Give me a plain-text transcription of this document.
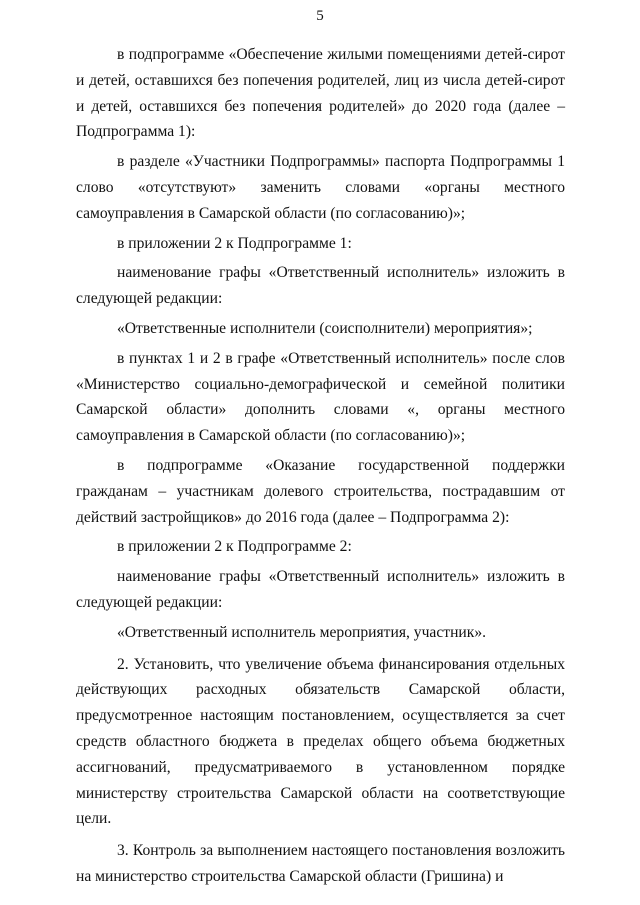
5

в подпрограмме «Обеспечение жилыми помещениями детей-сирот и детей, оставшихся без попечения родителей, лиц из числа детей-сирот и детей, оставшихся без попечения родителей» до 2020 года (далее – Подпрограмма 1):

в разделе «Участники Подпрограммы» паспорта Подпрограммы 1 слово «отсутствуют» заменить словами «органы местного самоуправления в Самарской области (по согласованию)»;

в приложении 2 к Подпрограмме 1:

наименование графы «Ответственный исполнитель» изложить в следующей редакции:

«Ответственные исполнители (соисполнители) мероприятия»;

в пунктах 1 и 2 в графе «Ответственный исполнитель» после слов «Министерство социально-демографической и семейной политики Самарской области» дополнить словами «, органы местного самоуправления в Самарской области (по согласованию)»;

в подпрограмме «Оказание государственной поддержки гражданам – участникам долевого строительства, пострадавшим от действий застройщиков» до 2016 года (далее – Подпрограмма 2):

в приложении 2 к Подпрограмме 2:

наименование графы «Ответственный исполнитель» изложить в следующей редакции:

«Ответственный исполнитель мероприятия, участник».

2. Установить, что увеличение объема финансирования отдельных действующих расходных обязательств Самарской области, предусмотренное настоящим постановлением, осуществляется за счет средств областного бюджета в пределах общего объема бюджетных ассигнований, предусматриваемого в установленном порядке министерству строительства Самарской области на соответствующие цели.

3. Контроль за выполнением настоящего постановления возложить на министерство строительства Самарской области (Гришина) и
